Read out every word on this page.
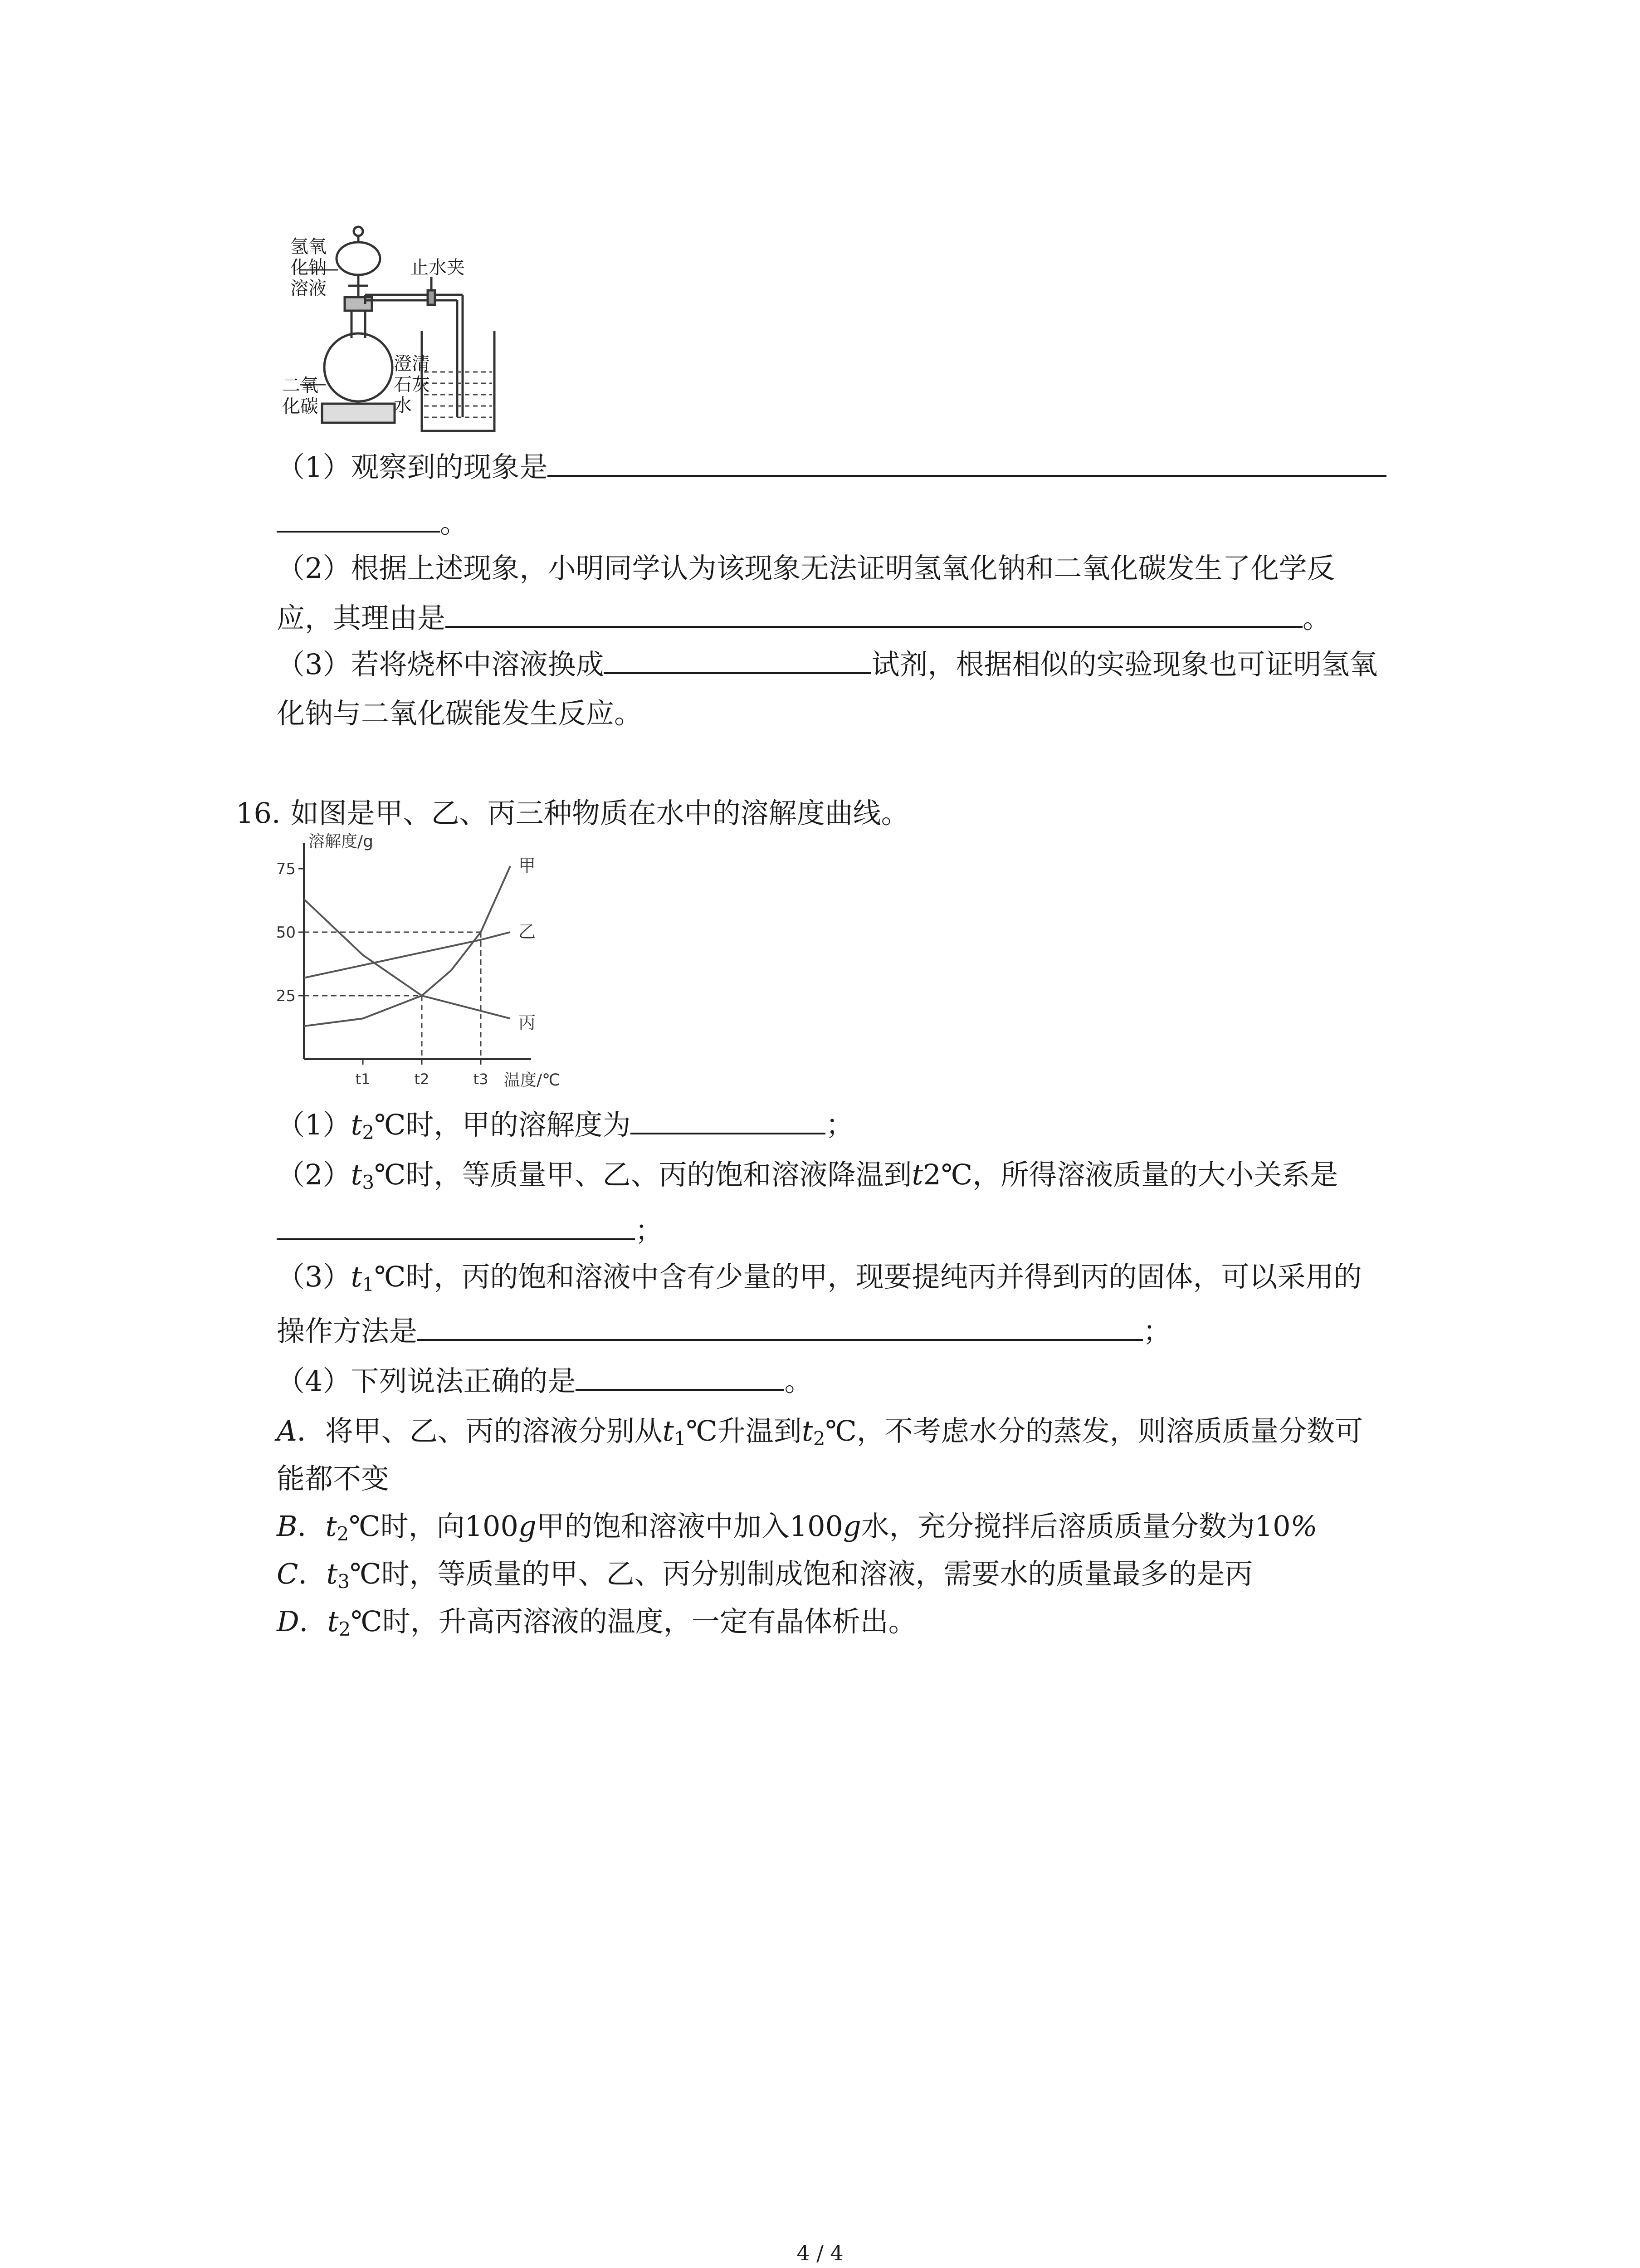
氢氧
化钠
溶液
止水夹
二氧
化碳
澄清
石灰
水
（1）观察到的现象是
。
（2）根据上述现象，小明同学认为该现象无法证明氢氧化钠和二氧化碳发生了化学反
应，其理由是	。
（3）若将烧杯中溶液换成	试剂，根据相似的实验现象也可证明氢氧
化钠与二氧化碳能发生反应。
16. 如图是甲、乙、丙三种物质在水中的溶解度曲线。
25
50
75
t1	t2	t3
甲
乙
丙
溶解度/g
温度/℃
$(1)t_2℃$时，甲的溶解度为	；
$(2)t_3℃$时，等质量甲、乙、丙的饱和溶液降温到t2℃，所得溶液质量的大小关系是
；
$(3)t_1℃$时，丙的饱和溶液中含有少量的甲，现要提纯丙并得到丙的固体，可以采用的
操作方法是	；
（4）下列说法正确的是	。
A．将甲、乙、丙的溶液分别从$t_1℃$升温到$t_2℃$，不考虑水分的蒸发，则溶质质量分数可
能都不变
B．$t_2℃$时，向100g甲的饱和溶液中加入100g水，充分搅拌后溶质质量分数为10%
C．$t_3℃$时，等质量的甲、乙、丙分别制成饱和溶液，需要水的质量最多的是丙
D．$t_2℃$时，升高丙溶液的温度，一定有晶体析出。
4 / 4
